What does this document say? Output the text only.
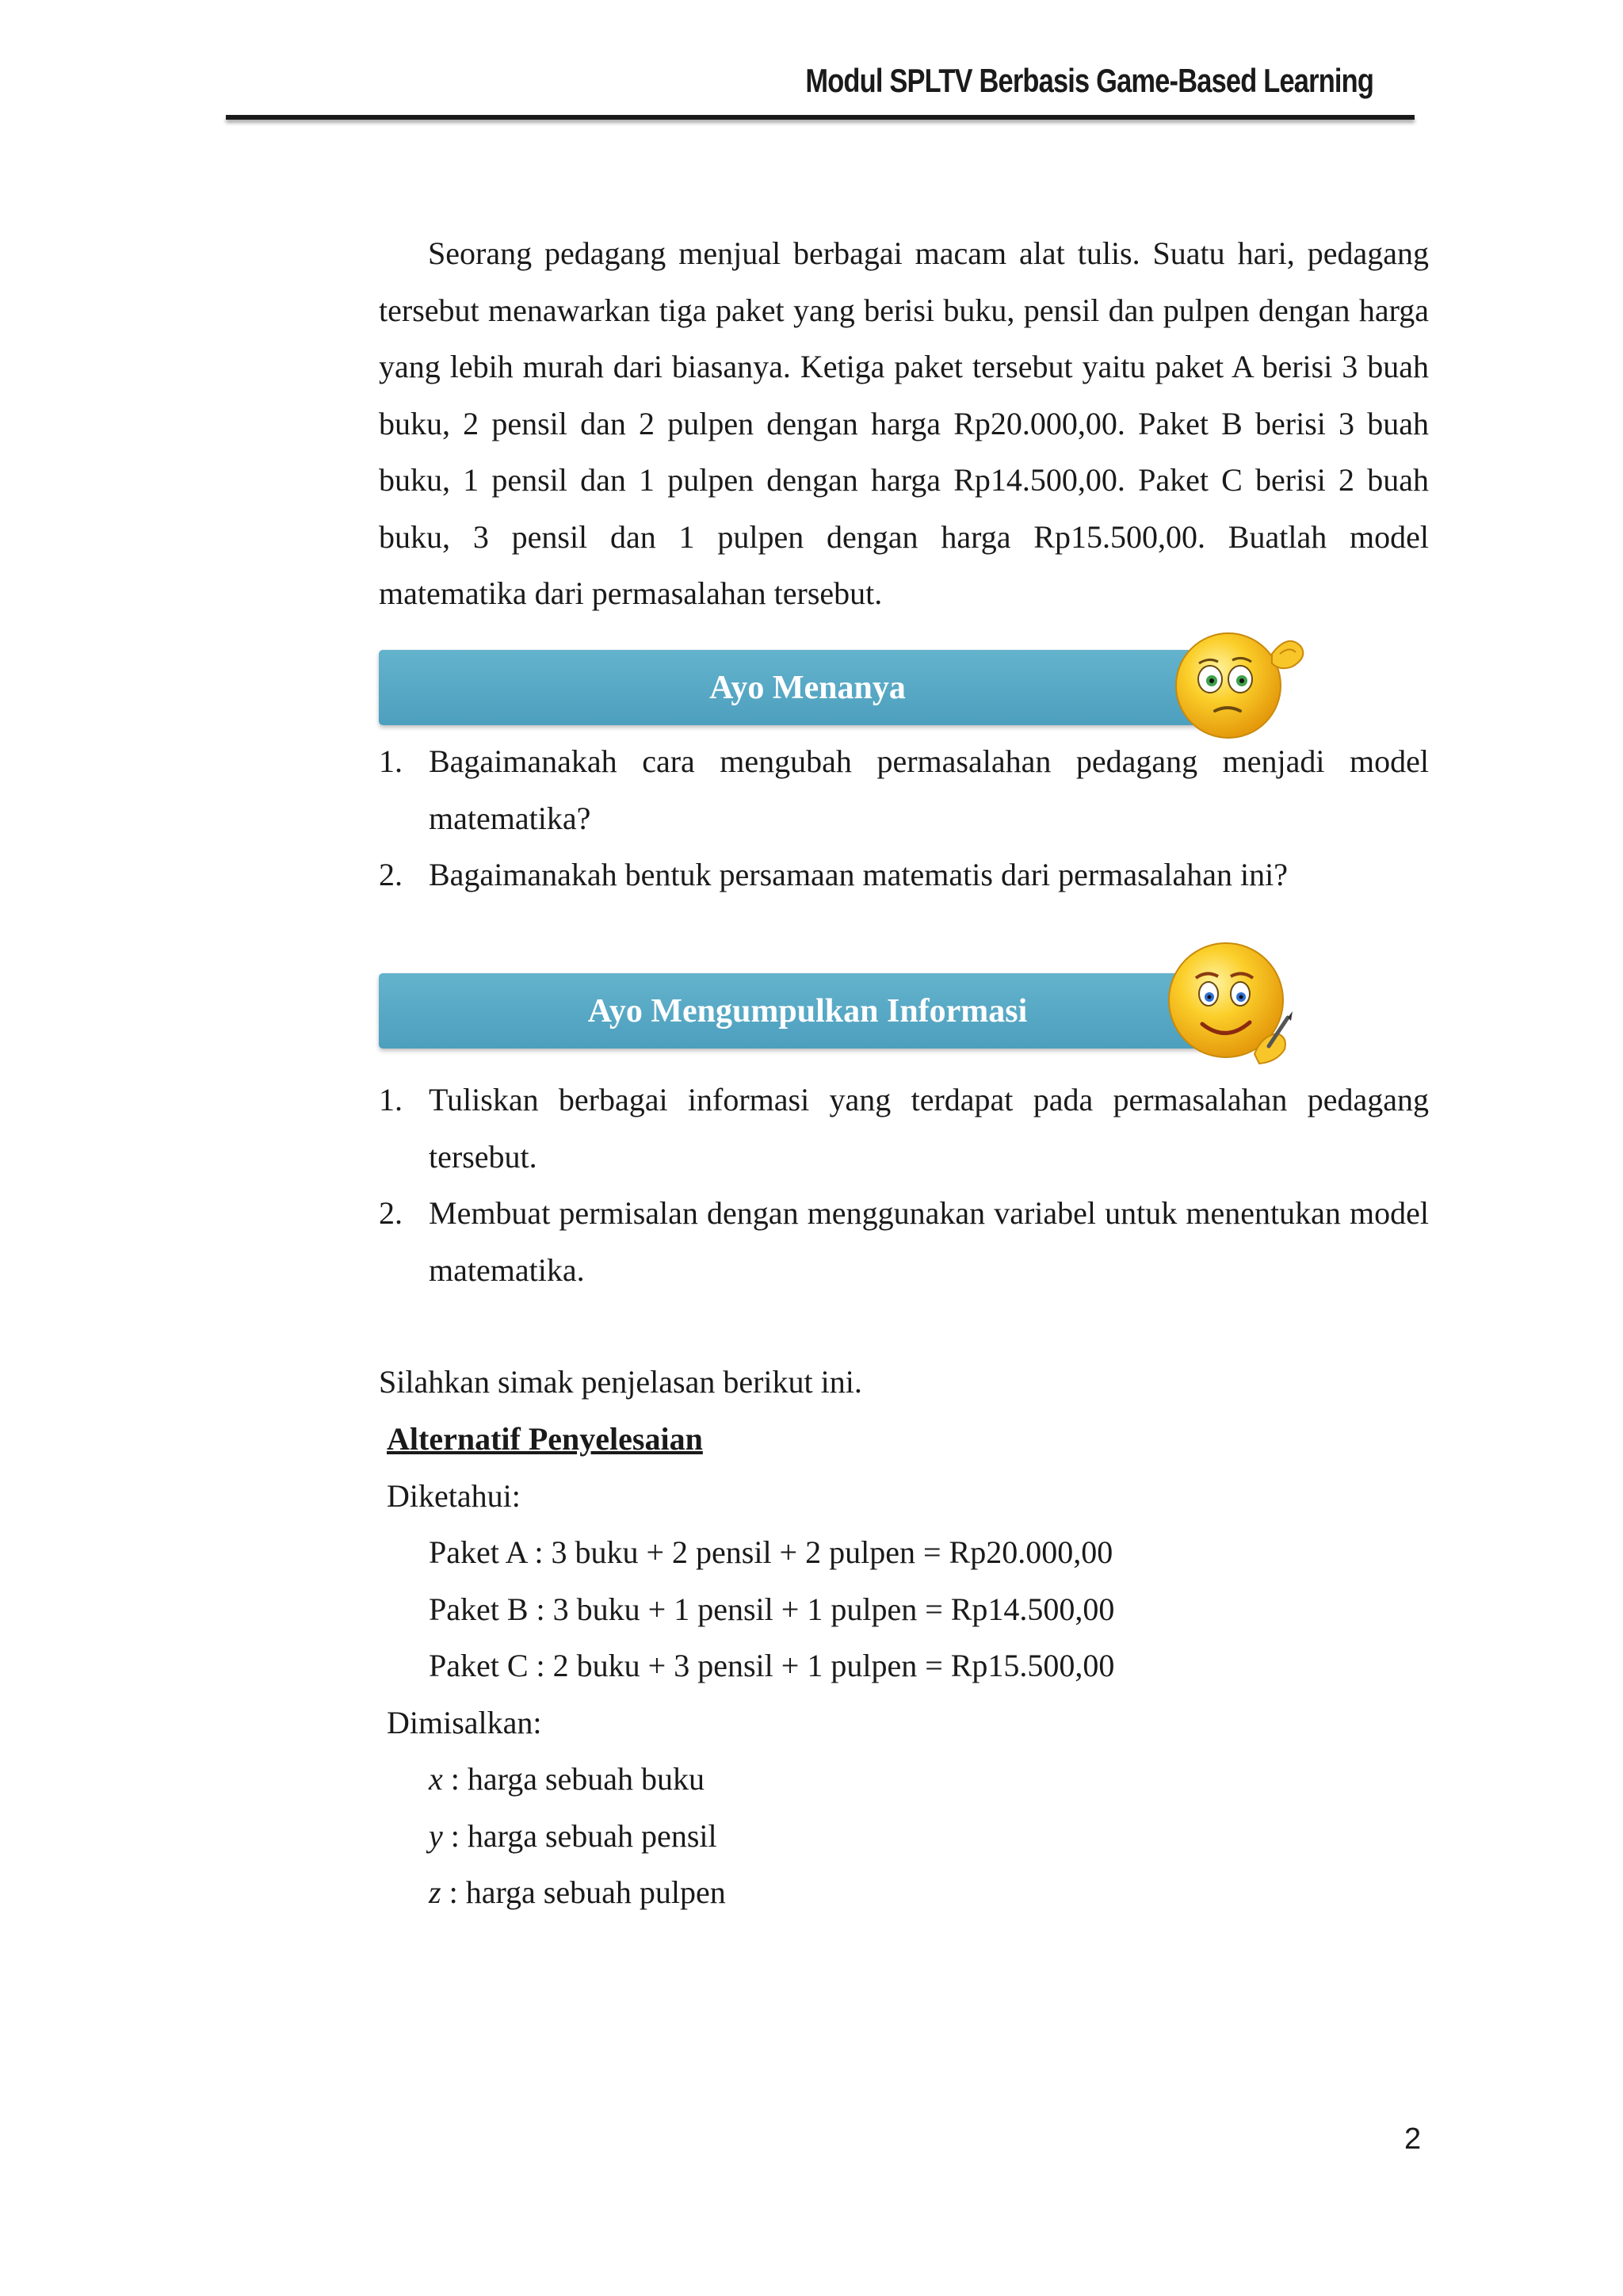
Modul SPLTV Berbasis Game-Based Learning
Seorang pedagang menjual berbagai macam alat tulis. Suatu hari, pedagang tersebut menawarkan tiga paket yang berisi buku, pensil dan pulpen dengan harga yang lebih murah dari biasanya. Ketiga paket tersebut yaitu paket A berisi 3 buah buku, 2 pensil dan 2 pulpen dengan harga Rp20.000,00. Paket B berisi 3 buah buku, 1 pensil dan 1 pulpen dengan harga Rp14.500,00. Paket C berisi 2 buah buku, 3 pensil dan 1 pulpen dengan harga Rp15.500,00. Buatlah model matematika dari permasalahan tersebut.
Ayo Menanya
1. Bagaimanakah cara mengubah permasalahan pedagang menjadi model matematika?
2. Bagaimanakah bentuk persamaan matematis dari permasalahan ini?
Ayo Mengumpulkan Informasi
1. Tuliskan berbagai informasi yang terdapat pada permasalahan pedagang tersebut.
2. Membuat permisalan dengan menggunakan variabel untuk menentukan model matematika.
Silahkan simak penjelasan berikut ini.
Alternatif Penyelesaian
Diketahui:
Paket A : 3 buku + 2 pensil + 2 pulpen = Rp20.000,00
Paket B : 3 buku + 1 pensil + 1 pulpen = Rp14.500,00
Paket C : 2 buku + 3 pensil + 1 pulpen = Rp15.500,00
Dimisalkan:
x : harga sebuah buku
y : harga sebuah pensil
z : harga sebuah pulpen
2
